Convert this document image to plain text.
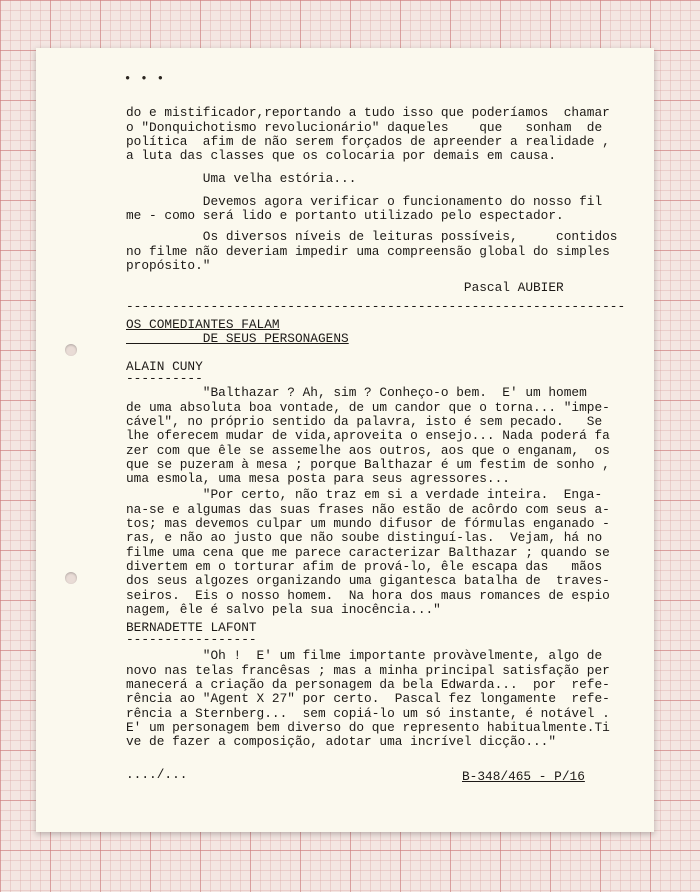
• • •
do e mistificador,reportando a tudo isso que poderíamos  chamar
o "Donquichotismo revolucionário" daqueles    que   sonham  de
política  afim de não serem forçados de apreender a realidade ,
a luta das classes que os colocaria por demais em causa.
Uma velha estória...
Devemos agora verificar o funcionamento do nosso fil
me - como será lido e portanto utilizado pelo espectador.
Os diversos níveis de leituras possíveis,     contidos
no filme não deveriam impedir uma compreensão global do simples
propósito."
Pascal AUBIER
-----------------------------------------------------------------
OS COMEDIANTES FALAM
DE SEUS PERSONAGENS
ALAIN CUNY
----------
"Balthazar ? Ah, sim ? Conheço-o bem.  E' um homem
de uma absoluta boa vontade, de um candor que o torna... "impe-
cável", no próprio sentido da palavra, isto é sem pecado.   Se
lhe oferecem mudar de vida,aproveita o ensejo... Nada poderá fa
zer com que êle se assemelhe aos outros, aos que o enganam,  os
que se puzeram à mesa ; porque Balthazar é um festim de sonho ,
uma esmola, uma mesa posta para seus agressores...
"Por certo, não traz em si a verdade inteira.  Enga-
na-se e algumas das suas frases não estão de acôrdo com seus a-
tos; mas devemos culpar um mundo difusor de fórmulas enganado -
ras, e não ao justo que não soube distinguí-las.  Vejam, há no
filme uma cena que me parece caracterizar Balthazar ; quando se
divertem em o torturar afim de prová-lo, êle escapa das   mãos
dos seus algozes organizando uma gigantesca batalha de  traves-
seiros.  Eis o nosso homem.  Na hora dos maus romances de espio
nagem, êle é salvo pela sua inocência..."
BERNADETTE LAFONT
-----------------
"Oh !  E' um filme importante provàvelmente, algo de
novo nas telas francêsas ; mas a minha principal satisfação per
manecerá a criação da personagem da bela Edwarda...  por  refe-
rência ao "Agent X 27" por certo.  Pascal fez longamente  refe-
rência a Sternberg...  sem copiá-lo um só instante, é notável .
E' um personagem bem diverso do que represento habitualmente.Ti
ve de fazer a composição, adotar uma incrível dicção..."
..../...	B-348/465 - P/16
